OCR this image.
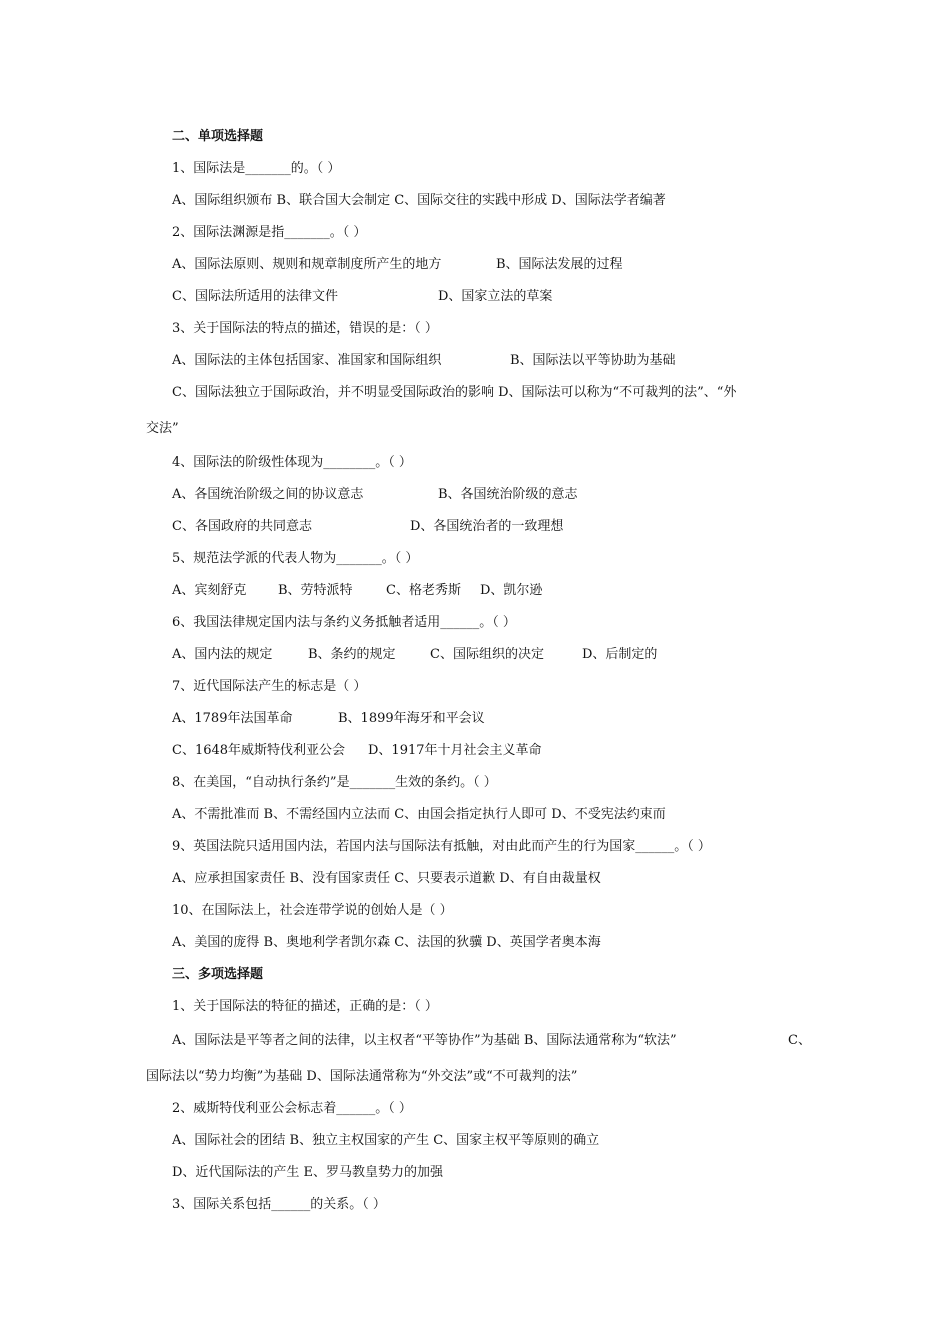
二、单项选择题
1、国际法是_______的。（ ）
A、国际组织颁布 B、联合国大会制定 C、国际交往的实践中形成 D、国际法学者编著
2、国际法渊源是指_______。（ ）
A、国际法原则、规则和规章制度所产生的地方	B、国际法发展的过程
C、国际法所适用的法律文件	D、国家立法的草案
3、关于国际法的特点的描述，错误的是：（ ）
A、国际法的主体包括国家、准国家和国际组织	B、国际法以平等协助为基础
C、国际法独立于国际政治，并不明显受国际政治的影响 D、国际法可以称为“不可裁判的法”、“外
交法”
4、国际法的阶级性体现为________。（ ）
A、各国统治阶级之间的协议意志	B、各国统治阶级的意志
C、各国政府的共同意志	D、各国统治者的一致理想
5、规范法学派的代表人物为_______。（ ）
A、宾刻舒克 B、劳特派特	C、格老秀斯 D、凯尔逊
6、我国法律规定国内法与条约义务抵触者适用______。（ ）
A、国内法的规定	B、条约的规定	C、国际组织的决定	D、后制定的
7、近代国际法产生的标志是（ ）
A、1789年法国革命	B、1899年海牙和平会议
C、1648年威斯特伐利亚公会 D、1917年十月社会主义革命
8、在美国，“自动执行条约”是_______生效的条约。（ ）
A、不需批准而 B、不需经国内立法而 C、由国会指定执行人即可 D、不受宪法约束而
9、英国法院只适用国内法，若国内法与国际法有抵触，对由此而产生的行为国家______。（ ）
A、应承担国家责任 B、没有国家责任 C、只要表示道歉 D、有自由裁量权
10、在国际法上，社会连带学说的创始人是（ ）
A、美国的庞得 B、奥地利学者凯尔森 C、法国的狄骥 D、英国学者奥本海
三、多项选择题
1、关于国际法的特征的描述，正确的是：（ ）
A、国际法是平等者之间的法律，以主权者“平等协作”为基础 B、国际法通常称为“软法”	C、
国际法以“势力均衡”为基础 D、国际法通常称为“外交法”或“不可裁判的法”
2、威斯特伐利亚公会标志着______。（ ）
A、国际社会的团结 B、独立主权国家的产生 C、国家主权平等原则的确立
D、近代国际法的产生 E、罗马教皇势力的加强
3、国际关系包括______的关系。（ ）
